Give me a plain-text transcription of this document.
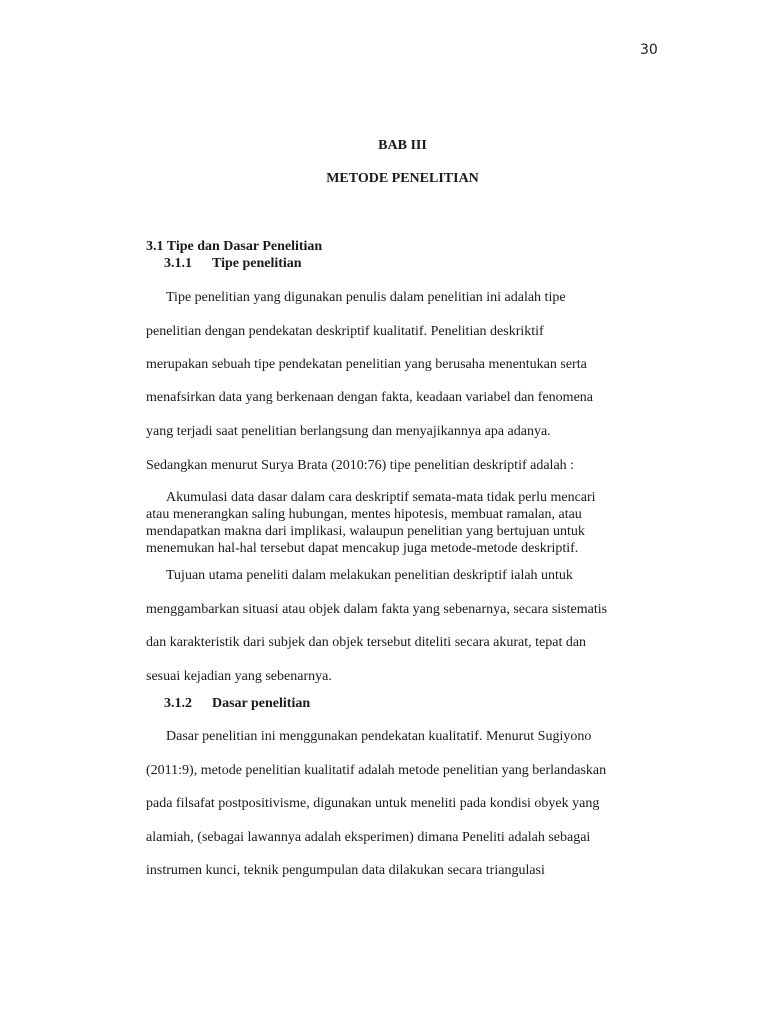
30
BAB III
METODE PENELITIAN
3.1 Tipe dan Dasar Penelitian
3.1.1 Tipe penelitian
Tipe penelitian yang digunakan penulis dalam penelitian ini adalah tipe
penelitian dengan pendekatan deskriptif kualitatif. Penelitian deskriktif
merupakan sebuah tipe pendekatan penelitian yang berusaha menentukan serta
menafsirkan data yang berkenaan dengan fakta, keadaan variabel dan fenomena
yang terjadi saat penelitian berlangsung dan menyajikannya apa adanya.
Sedangkan menurut Surya Brata (2010:76) tipe penelitian deskriptif adalah :
Akumulasi data dasar dalam cara deskriptif semata-mata tidak perlu mencari
atau menerangkan saling hubungan, mentes hipotesis, membuat ramalan, atau
mendapatkan makna dari implikasi, walaupun penelitian yang bertujuan untuk
menemukan hal-hal tersebut dapat mencakup juga metode-metode deskriptif.
Tujuan utama peneliti dalam melakukan penelitian deskriptif ialah untuk
menggambarkan situasi atau objek dalam fakta yang sebenarnya, secara sistematis
dan karakteristik dari subjek dan objek tersebut diteliti secara akurat, tepat dan
sesuai kejadian yang sebenarnya.
3.1.2 Dasar penelitian
Dasar penelitian ini menggunakan pendekatan kualitatif. Menurut Sugiyono
(2011:9), metode penelitian kualitatif adalah metode penelitian yang berlandaskan
pada filsafat postpositivisme, digunakan untuk meneliti pada kondisi obyek yang
alamiah, (sebagai lawannya adalah eksperimen) dimana Peneliti adalah sebagai
instrumen kunci, teknik pengumpulan data dilakukan secara triangulasi
